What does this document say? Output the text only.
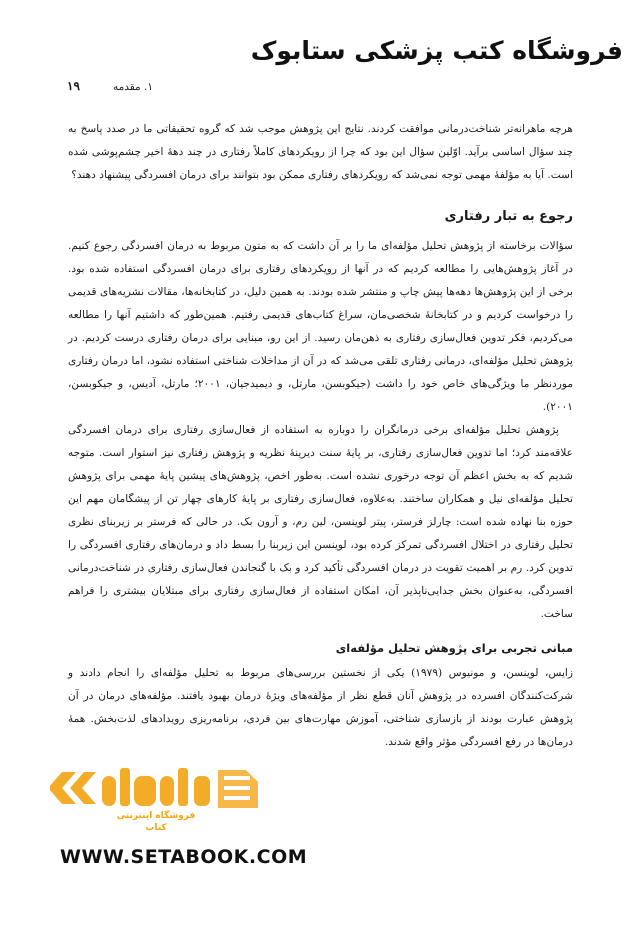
فروشگاه کتب پزشکی ستابوک
۱. مقدمه
۱۹

هرچه ماهرانه‌تر شناخت‌درمانی موافقت کردند. نتایج این پژوهش موجب شد که گروه تحقیقاتی ما در صدد پاسخ به چند سؤال اساسی برآید. اوّلین سؤال این بود که چرا از رویکردهای کاملاً رفتاری در چند دههٔ اخیر چشم‌پوشی شده است. آیا به مؤلفهٔ مهمی توجه نمی‌شد که رویکردهای رفتاری ممکن بود بتوانند برای درمان افسردگی پیشنهاد دهند؟

رجوع به تبار رفتاری

سؤالات برخاسته از پژوهش تحلیل مؤلفه‌ای ما را بر آن داشت که به متون مربوط به درمان افسردگی رجوع کنیم. در آغاز پژوهش‌هایی را مطالعه کردیم که در آنها از رویکردهای رفتاری برای درمان افسردگی استفاده شده بود. برخی از این پژوهش‌ها دهه‌ها پیش چاپ و منتشر شده بودند. به همین دلیل، در کتابخانه‌ها، مقالات نشریه‌های قدیمی را درخواست کردیم و در کتابخانهٔ شخصی‌مان، سراغ کتاب‌های قدیمی رفتیم. همین‌طور که داشتیم آنها را مطالعه می‌کردیم، فکر تدوین فعال‌سازی رفتاری به ذهن‌مان رسید. از این رو، مبنایی برای درمان رفتاری درست کردیم. در پژوهش تحلیل مؤلفه‌ای، درمانی رفتاری تلقی می‌شد که در آن از مداخلات شناختی استفاده نشود، اما درمان رفتاری موردنظر ما ویژگی‌های خاص خود را داشت (جیکوبسن، مارتل، و دیمیدجیان، ۲۰۰۱؛ مارتل، آدیس، و جیکوبسن، ۲۰۰۱).

پژوهش تحلیل مؤلفه‌ای برخی درمانگران را دوباره به استفاده از فعال‌سازی رفتاری برای درمان افسردگی علاقه‌مند کرد؛ اما تدوین فعال‌سازی رفتاری، بر پایهٔ سنت دیرینهٔ نظریه و پژوهش رفتاری نیز استوار است. متوجه شدیم که به بخش اعظم آن توجه درخوری نشده است. به‌طور اخص، پژوهش‌های پیشین پایهٔ مهمی برای پژوهش تحلیل مؤلفه‌ای نیل و همکاران ساختند. به‌علاوه، فعال‌سازی رفتاری بر پایهٔ کارهای چهار تن از پیشگامان مهم این حوزه بنا نهاده شده است: چارلز فرستر، پیتر لوینسن، لین رم، و آرون بک. در حالی که فرستر بر زیربنای نظری تحلیل رفتاری در اختلال افسردگی تمرکز کرده بود، لوینسن این زیربنا را بسط داد و درمان‌های رفتاری افسردگی را تدوین کرد. رم بر اهمیت تقویت در درمان افسردگی تأکید کرد و بک با گنجاندن فعال‌سازی رفتاری در شناخت‌درمانی افسردگی، به‌عنوان بخش جدایی‌ناپذیر آن، امکان استفاده از فعال‌سازی رفتاری برای مبتلایان بیشتری را فراهم ساخت.

مبانی تجربی برای پژوهش تحلیل مؤلفه‌ای

زایس، لوینسن، و مونیوس (۱۹۷۹) یکی از نخستین بررسی‌های مربوط به تحلیل مؤلفه‌ای را انجام دادند و شرکت‌کنندگان افسرده در پژوهش آنان قطع نظر از مؤلفه‌های ویژهٔ درمان بهبود یافتند. مؤلفه‌های درمان در آن پژوهش عبارت بودند از بازسازی شناختی، آموزش مهارت‌های بین فردی، برنامه‌ریزی رویدادهای لذت‌بخش. همهٔ درمان‌ها در رفع افسردگی مؤثر واقع شدند.

فروشگاه اینترنتی کتاب
WWW.SETABOOK.COM
